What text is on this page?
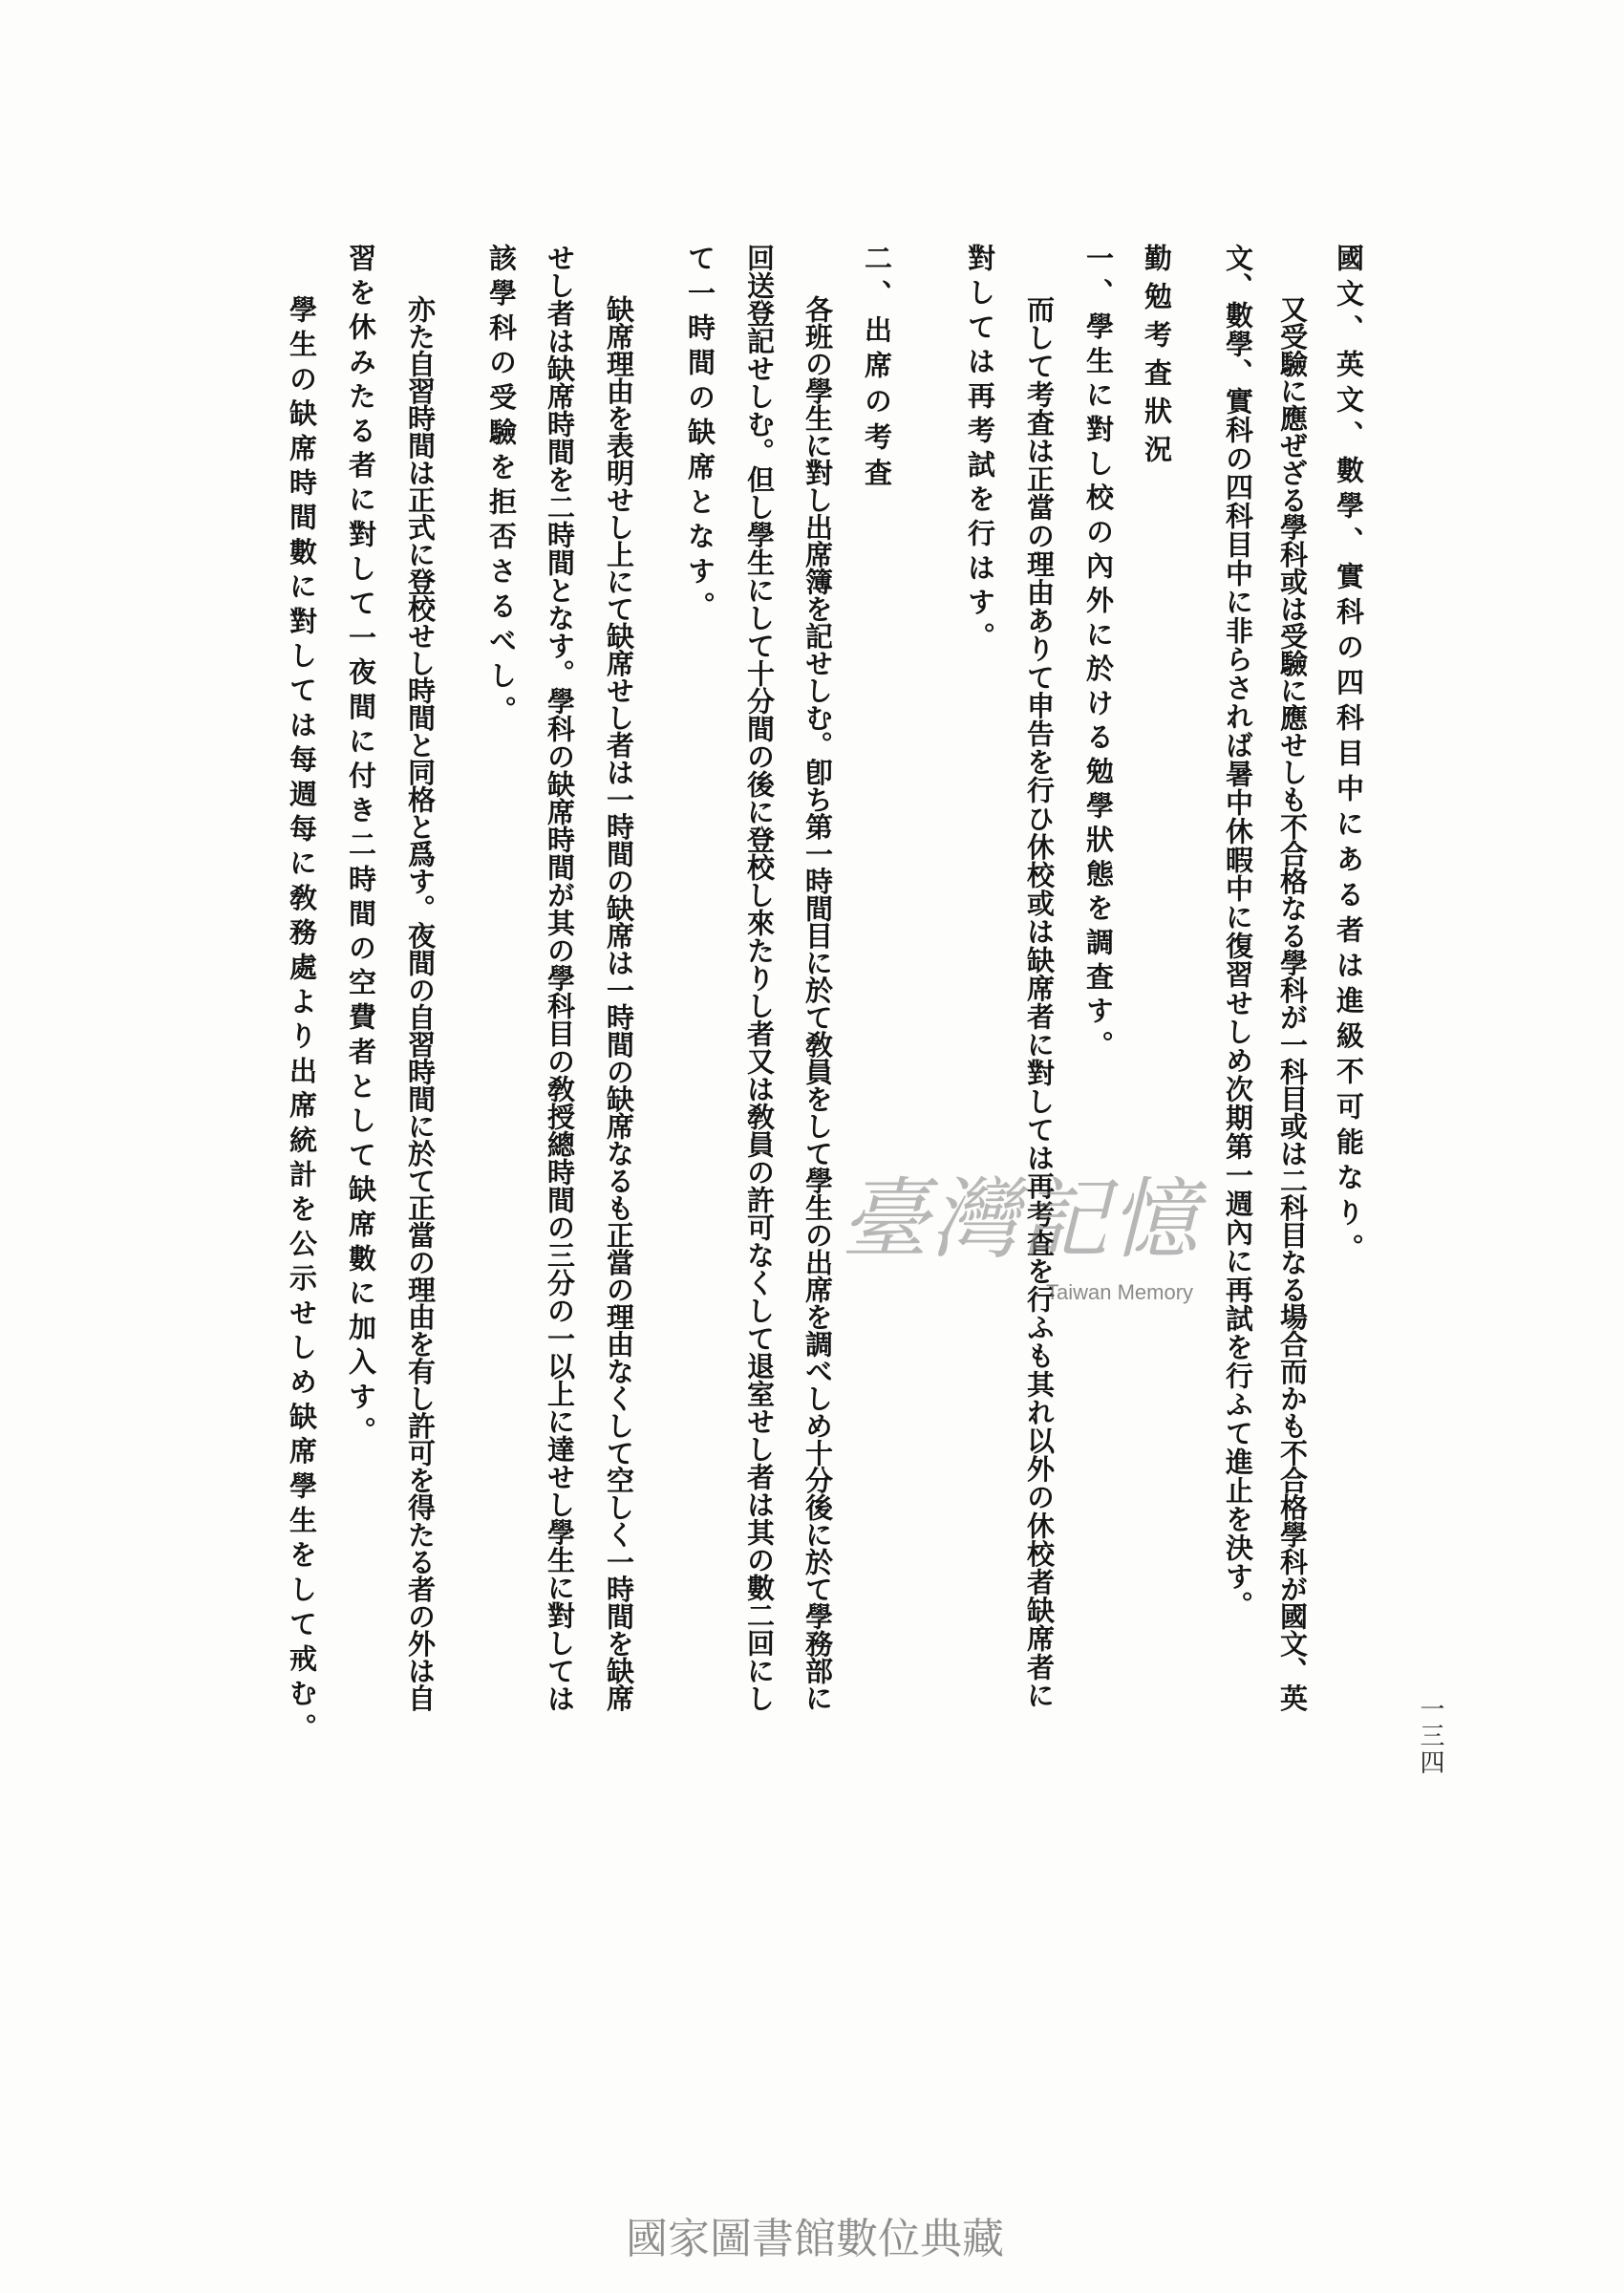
一三四
國文、英文、數學、實科の四科目中にある者は進級不可能なり。
又受驗に應ぜざる學科或は受驗に應せしも不合格なる學科が一科目或は二科目なる場合而かも不合格學科が國文、英
文、數學、實科の四科目中に非らされば暑中休暇中に復習せしめ次期第一週內に再試を行ふて進止を決す。
勤勉考査狀況
一、學生に對し校の內外に於ける勉學狀態を調査す。
而して考査は正當の理由ありて申告を行ひ休校或は缺席者に對しては再考査を行ふも其れ以外の休校者缺席者に
對しては再考試を行はす。
二、出席の考査
各班の學生に對し出席簿を記せしむ。卽ち第一時間目に於て敎員をして學生の出席を調べしめ十分後に於て學務部に
回送登記せしむ。但し學生にして十分間の後に登校し來たりし者又は敎員の許可なくして退室せし者は其の數二回にし
て一時間の缺席となす。
缺席理由を表明せし上にて缺席せし者は一時間の缺席は一時間の缺席なるも正當の理由なくして空しく一時間を缺席
せし者は缺席時間を二時間となす。學科の缺席時間が其の學科目の敎授總時間の三分の一以上に達せし學生に對しては
該學科の受驗を拒否さるべし。
亦た自習時間は正式に登校せし時間と同格と爲す。夜間の自習時間に於て正當の理由を有し許可を得たる者の外は自
習を休みたる者に對して一夜間に付き二時間の空費者として缺席數に加入す。
學生の缺席時間數に對しては每週每に敎務處より出席統計を公示せしめ缺席學生をして戒む。	臺灣記憶
Taiwan Memory
國家圖書館數位典藏
